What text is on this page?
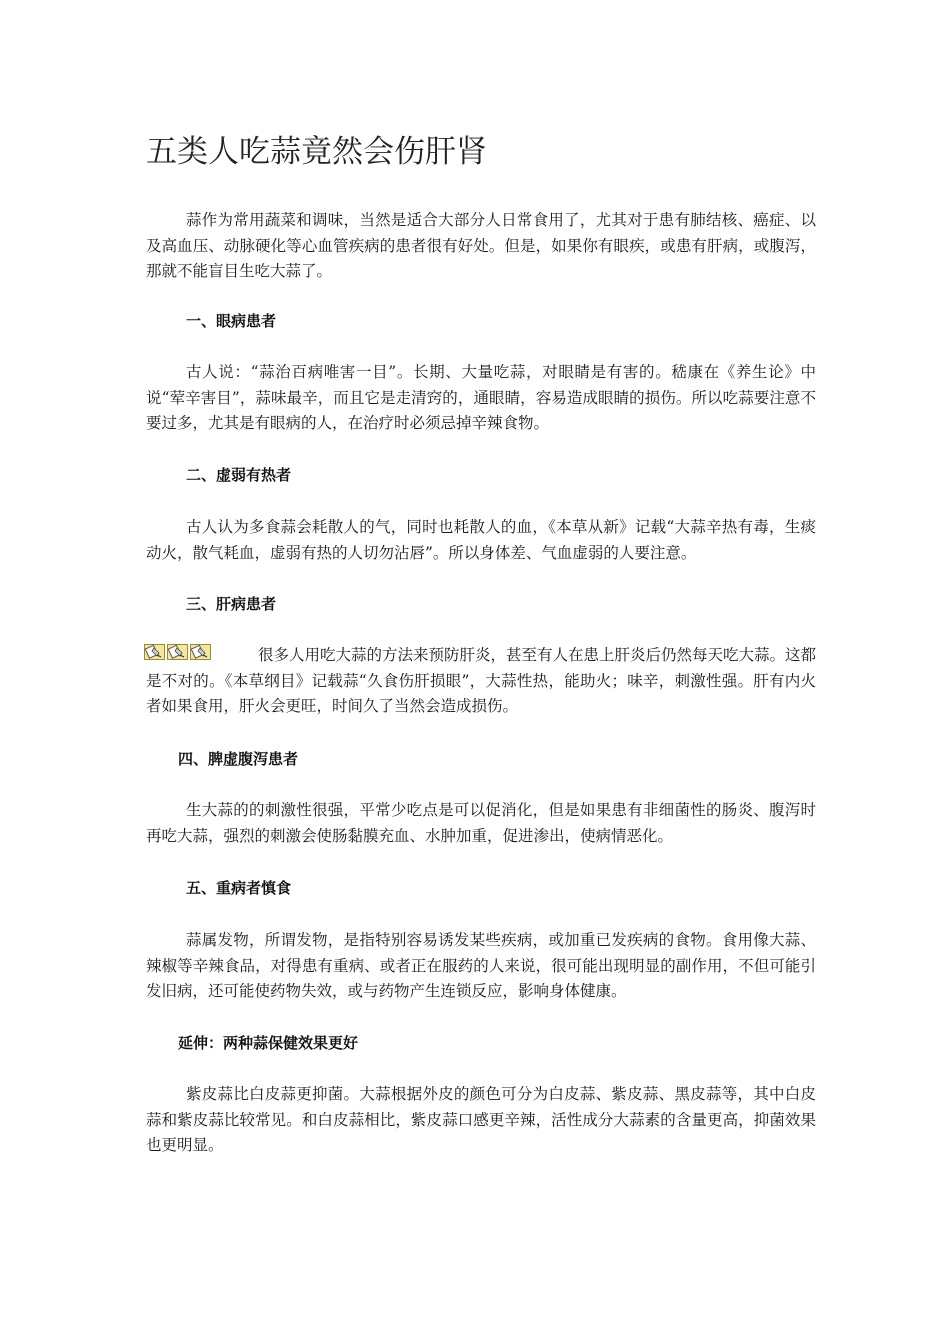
五类人吃蒜竟然会伤肝肾

蒜作为常用蔬菜和调味，当然是适合大部分人日常食用了，尤其对于患有肺结核、癌症、以及高血压、动脉硬化等心血管疾病的患者很有好处。但是，如果你有眼疾，或患有肝病，或腹泻，那就不能盲目生吃大蒜了。

一、眼病患者

古人说：“蒜治百病唯害一目”。长期、大量吃蒜，对眼睛是有害的。嵇康在《养生论》中说“荤辛害目”，蒜味最辛，而且它是走清窍的，通眼睛，容易造成眼睛的损伤。所以吃蒜要注意不要过多，尤其是有眼病的人，在治疗时必须忌掉辛辣食物。

二、虚弱有热者

古人认为多食蒜会耗散人的气，同时也耗散人的血，《本草从新》记载“大蒜辛热有毒，生痰动火，散气耗血，虚弱有热的人切勿沾唇”。所以身体差、气血虚弱的人要注意。

三、肝病患者

很多人用吃大蒜的方法来预防肝炎，甚至有人在患上肝炎后仍然每天吃大蒜。这都是不对的。《本草纲目》记载蒜“久食伤肝损眼”，大蒜性热，能助火；味辛，刺激性强。肝有内火者如果食用，肝火会更旺，时间久了当然会造成损伤。

四、脾虚腹泻患者

生大蒜的的刺激性很强，平常少吃点是可以促消化，但是如果患有非细菌性的肠炎、腹泻时再吃大蒜，强烈的刺激会使肠黏膜充血、水肿加重，促进渗出，使病情恶化。

五、重病者慎食

蒜属发物，所谓发物，是指特别容易诱发某些疾病，或加重已发疾病的食物。食用像大蒜、辣椒等辛辣食品，对得患有重病、或者正在服药的人来说，很可能出现明显的副作用，不但可能引发旧病，还可能使药物失效，或与药物产生连锁反应，影响身体健康。

延伸：两种蒜保健效果更好

紫皮蒜比白皮蒜更抑菌。大蒜根据外皮的颜色可分为白皮蒜、紫皮蒜、黑皮蒜等，其中白皮蒜和紫皮蒜比较常见。和白皮蒜相比，紫皮蒜口感更辛辣，活性成分大蒜素的含量更高，抑菌效果也更明显。
